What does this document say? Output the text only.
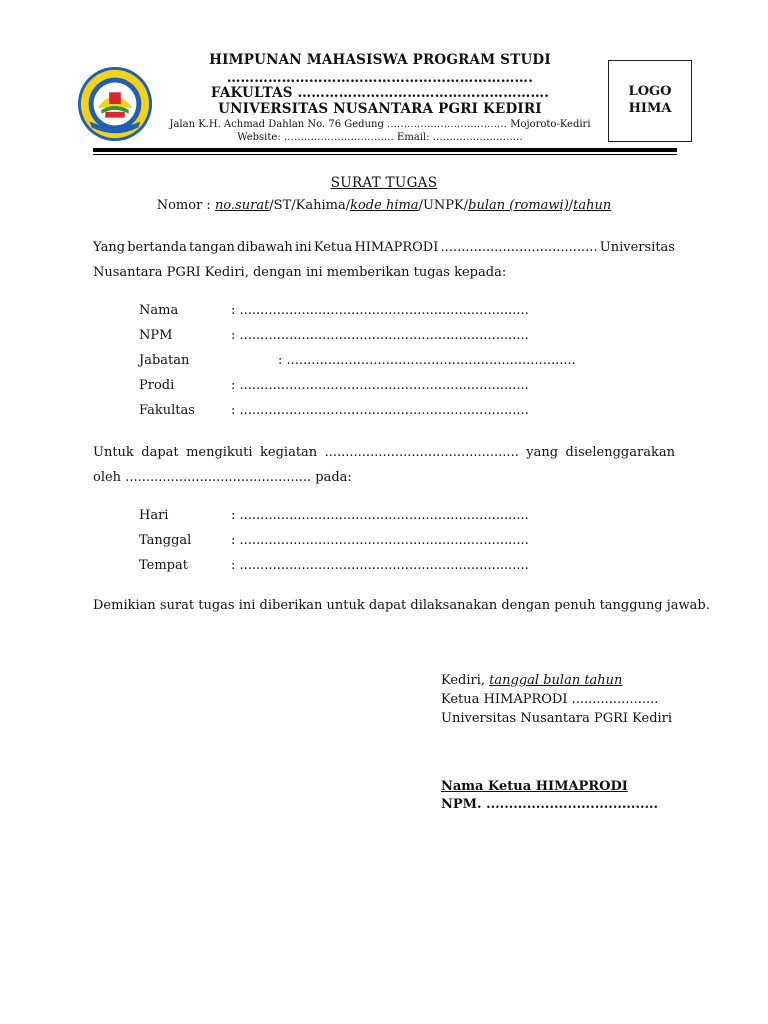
HIMPUNAN MAHASISWA PROGRAM STUDI
………………………………………………………….
FAKULTAS ……………………………………………….
UNIVERSITAS NUSANTARA PGRI KEDIRI
Jalan K.H. Achmad Dahlan No. 76 Gedung ……………………………… Mojoroto-Kediri
Website: …………………………… Email: ………………………
LOGO
HIMA
SURAT TUGAS
Nomor : no.surat/ST/Kahima/kode hima/UNPK/bulan (romawi)/tahun
Yang bertanda tangan dibawah ini Ketua HIMAPRODI ...................................... Universitas
Nusantara PGRI Kediri, dengan ini memberikan tugas kepada:
Nama	: ......................................................................
NPM	: ......................................................................
Jabatan	: ......................................................................
Prodi	: ......................................................................
Fakultas	: ......................................................................
Untuk dapat mengikuti kegiatan ............................................... yang diselenggarakan
oleh ............................................. pada:
Hari	: ......................................................................
Tanggal	: ......................................................................
Tempat	: ......................................................................
Demikian surat tugas ini diberikan untuk dapat dilaksanakan dengan penuh tanggung jawab.
Kediri, tanggal bulan tahun
Ketua HIMAPRODI .....................
Universitas Nusantara PGRI Kediri
Nama Ketua HIMAPRODI
NPM. ......................................
